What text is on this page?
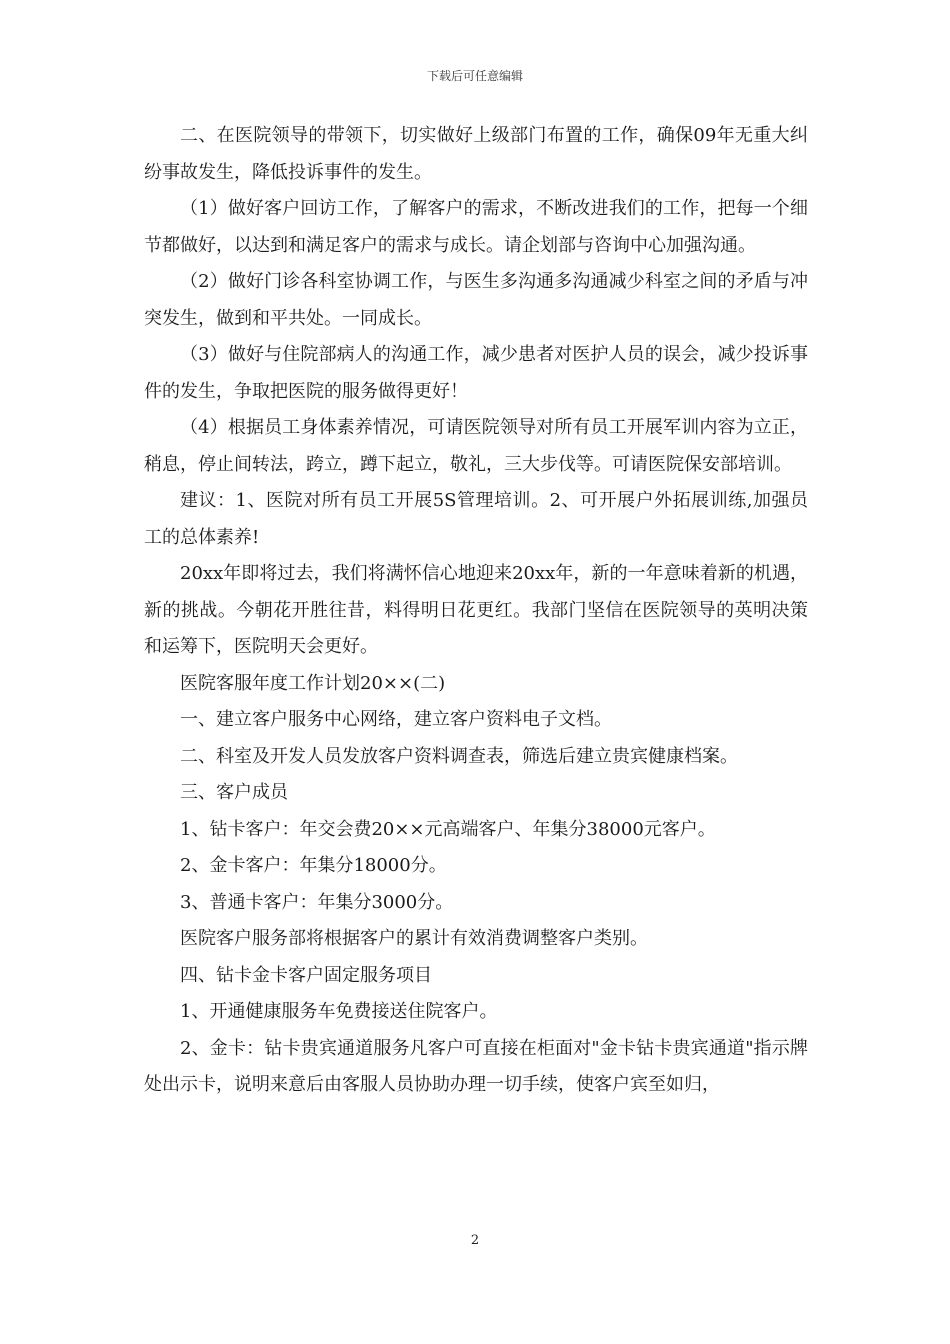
下载后可任意编辑

二、在医院领导的带领下，切实做好上级部门布置的工作，确保09年无重大纠纷事故发生，降低投诉事件的发生。

（1）做好客户回访工作，了解客户的需求，不断改进我们的工作，把每一个细节都做好，以达到和满足客户的需求与成长。请企划部与咨询中心加强沟通。

（2）做好门诊各科室协调工作，与医生多沟通多沟通减少科室之间的矛盾与冲突发生，做到和平共处。一同成长。

（3）做好与住院部病人的沟通工作，减少患者对医护人员的误会，减少投诉事件的发生，争取把医院的服务做得更好！

（4）根据员工身体素养情况，可请医院领导对所有员工开展军训内容为立正，稍息，停止间转法，跨立，蹲下起立，敬礼，三大步伐等。可请医院保安部培训。

建议：1、医院对所有员工开展5S管理培训。2、可开展户外拓展训练,加强员工的总体素养!

20xx年即将过去，我们将满怀信心地迎来20xx年，新的一年意味着新的机遇，新的挑战。今朝花开胜往昔，料得明日花更红。我部门坚信在医院领导的英明决策和运筹下，医院明天会更好。

医院客服年度工作计划20××(二)

一、建立客户服务中心网络，建立客户资料电子文档。

二、科室及开发人员发放客户资料调查表，筛选后建立贵宾健康档案。

三、客户成员

1、钻卡客户：年交会费20××元高端客户、年集分38000元客户。

2、金卡客户：年集分18000分。

3、普通卡客户：年集分3000分。

医院客户服务部将根据客户的累计有效消费调整客户类别。

四、钻卡金卡客户固定服务项目

1、开通健康服务车免费接送住院客户。

2、金卡：钻卡贵宾通道服务凡客户可直接在柜面对"金卡钻卡贵宾通道"指示牌处出示卡，说明来意后由客服人员协助办理一切手续，使客户宾至如归，

2
